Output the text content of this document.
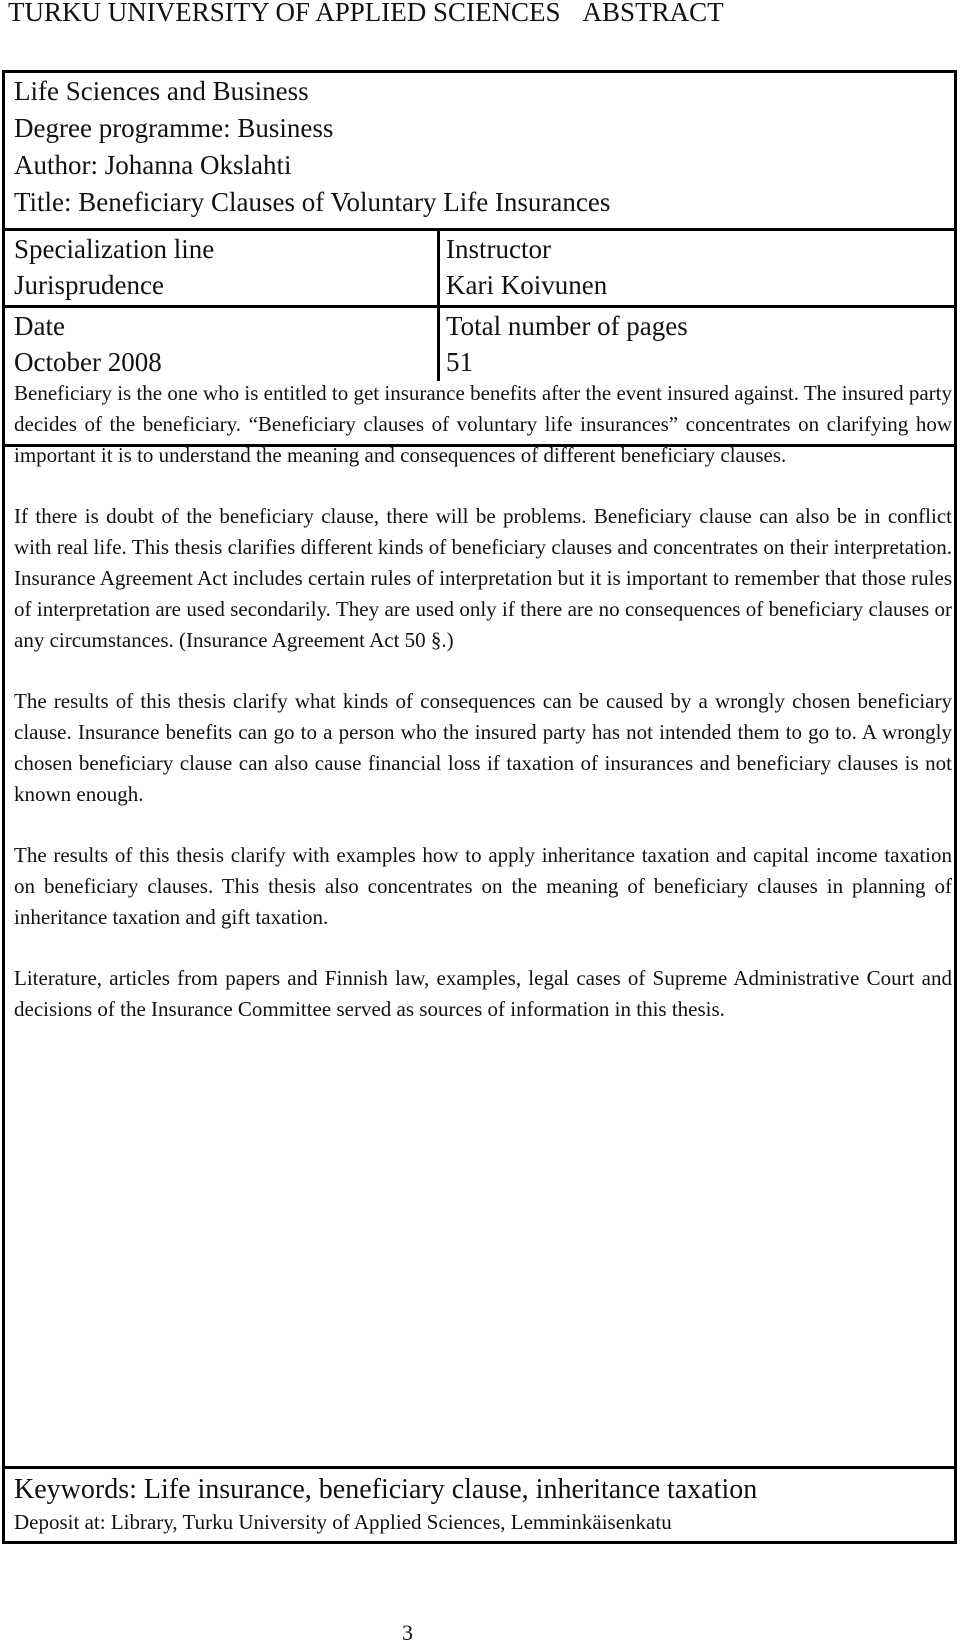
TURKU UNIVERSITY OF APPLIED SCIENCES ABSTRACT
Life Sciences and Business
Degree programme: Business
Author: Johanna Okslahti
Title: Beneficiary Clauses of Voluntary Life Insurances
Specialization line
Jurisprudence
Instructor
Kari Koivunen
Date
October 2008
Total number of pages
51

Beneficiary is the one who is entitled to get insurance benefits after the event insured against. The insured party decides of the beneficiary. “Beneficiary clauses of voluntary life insurances” concentrates on clarifying how important it is to understand the meaning and consequences of different beneficiary clauses.

If there is doubt of the beneficiary clause, there will be problems. Beneficiary clause can also be in conflict with real life. This thesis clarifies different kinds of beneficiary clauses and concentrates on their interpretation. Insurance Agreement Act includes certain rules of interpretation but it is important to remember that those rules of interpretation are used secondarily. They are used only if there are no consequences of beneficiary clauses or any circumstances. (Insurance Agreement Act 50 §.)

The results of this thesis clarify what kinds of consequences can be caused by a wrongly chosen beneficiary clause. Insurance benefits can go to a person who the insured party has not intended them to go to. A wrongly chosen beneficiary clause can also cause financial loss if taxation of insurances and beneficiary clauses is not known enough.

The results of this thesis clarify with examples how to apply inheritance taxation and capital income taxation on beneficiary clauses. This thesis also concentrates on the meaning of beneficiary clauses in planning of inheritance taxation and gift taxation.

Literature, articles from papers and Finnish law, examples, legal cases of Supreme Administrative Court and decisions of the Insurance Committee served as sources of information in this thesis.

Keywords: Life insurance, beneficiary clause, inheritance taxation
Deposit at: Library, Turku University of Applied Sciences, Lemminkäisenkatu
3
